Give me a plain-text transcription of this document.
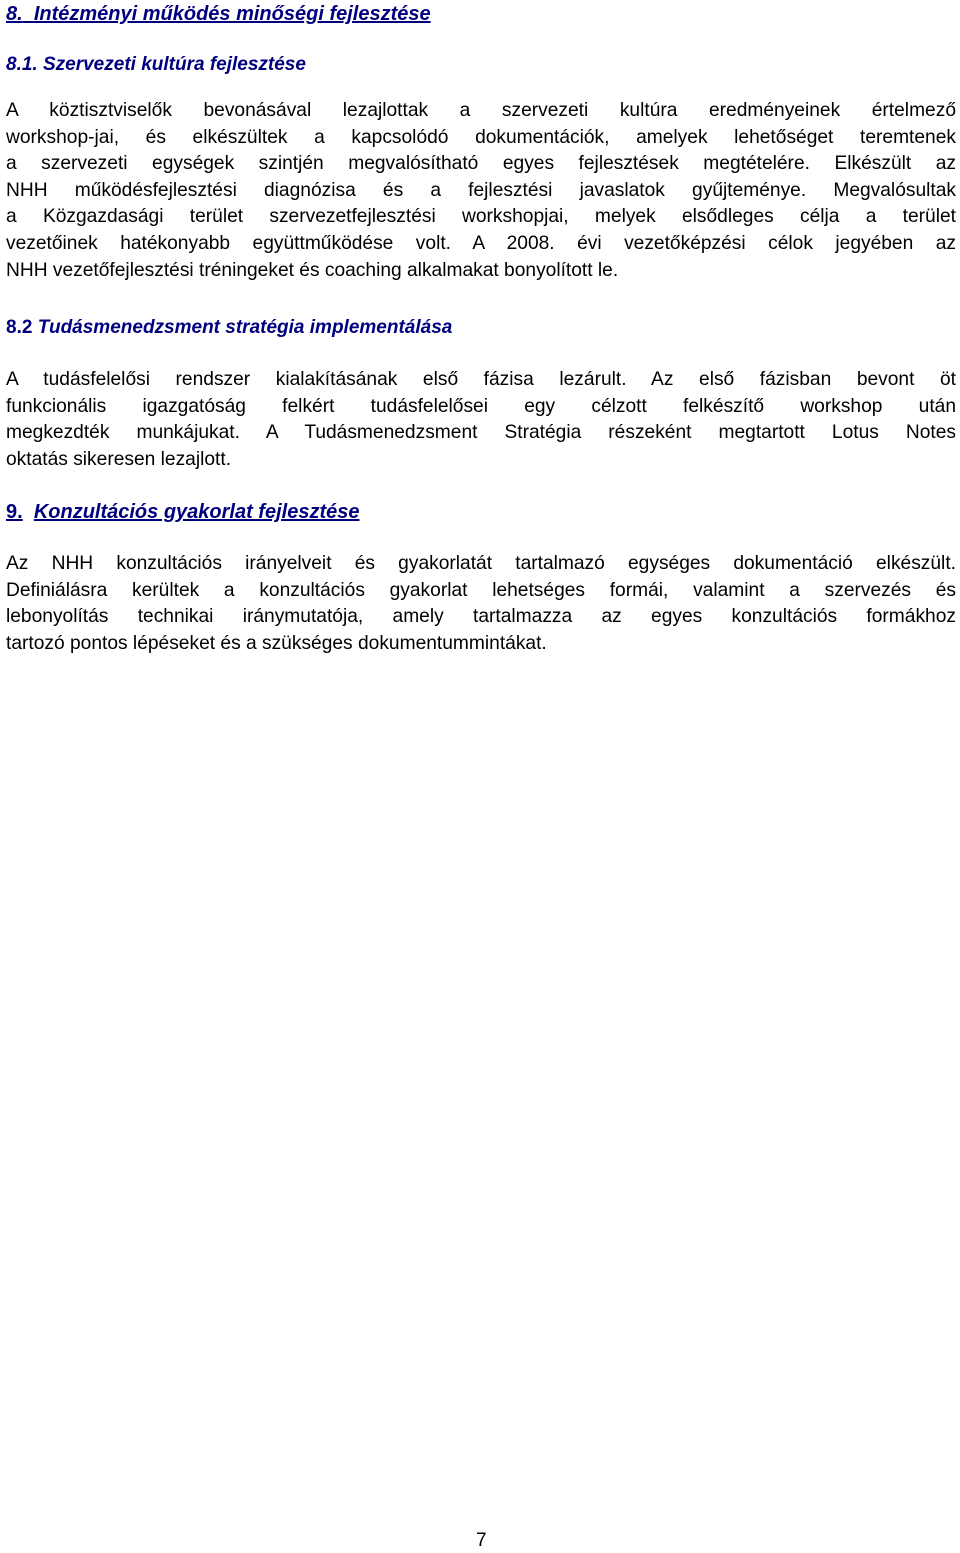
8. Intézményi működés minőségi fejlesztése
8.1. Szervezeti kultúra fejlesztése
A köztisztviselők bevonásával lezajlottak a szervezeti kultúra eredményeinek értelmező
workshop-jai, és elkészültek a kapcsolódó dokumentációk, amelyek lehetőséget teremtenek
a szervezeti egységek szintjén megvalósítható egyes fejlesztések megtételére. Elkészült az
NHH működésfejlesztési diagnózisa és a fejlesztési javaslatok gyűjteménye. Megvalósultak
a Közgazdasági terület szervezetfejlesztési workshopjai, melyek elsődleges célja a terület
vezetőinek hatékonyabb együttműködése volt. A 2008. évi vezetőképzési célok jegyében az
NHH vezetőfejlesztési tréningeket és coaching alkalmakat bonyolított le.
8.2 Tudásmenedzsment stratégia implementálása
A tudásfelelősi rendszer kialakításának első fázisa lezárult. Az első fázisban bevont öt
funkcionális igazgatóság felkért tudásfelelősei egy célzott felkészítő workshop után
megkezdték munkájukat. A Tudásmenedzsment Stratégia részeként megtartott Lotus Notes
oktatás sikeresen lezajlott.
9. Konzultációs gyakorlat fejlesztése
Az NHH konzultációs irányelveit és gyakorlatát tartalmazó egységes dokumentáció elkészült.
Definiálásra kerültek a konzultációs gyakorlat lehetséges formái, valamint a szervezés és
lebonyolítás technikai iránymutatója, amely tartalmazza az egyes konzultációs formákhoz
tartozó pontos lépéseket és a szükséges dokumentummintákat.

7
